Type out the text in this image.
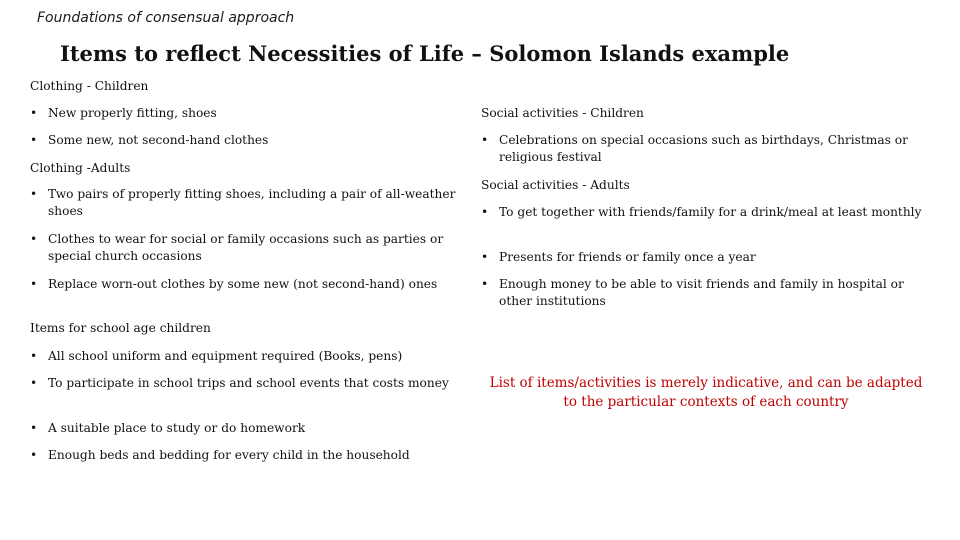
Foundations of consensual approach
Items to reflect Necessities of Life – Solomon Islands example

Clothing - Children

• New properly fitting, shoes

• Some new, not second-hand clothes

Clothing -Adults

• Two pairs of properly fitting shoes, including a pair of all-weather shoes

• Clothes to wear for social or family occasions such as parties or special church occasions

• Replace worn-out clothes by some new (not second-hand) ones

Items for school age children

• All school uniform and equipment required (Books, pens)

• To participate in school trips and school events that costs money

• A suitable place to study or do homework

• Enough beds and bedding for every child in the household

Social activities - Children

• Celebrations on special occasions such as birthdays, Christmas or religious festival

Social activities - Adults

• To get together with friends/family for a drink/meal at least monthly

• Presents for friends or family once a year

• Enough money to be able to visit friends and family in hospital or other institutions

List of items/activities is merely indicative, and can be adapted to the particular contexts of each country
